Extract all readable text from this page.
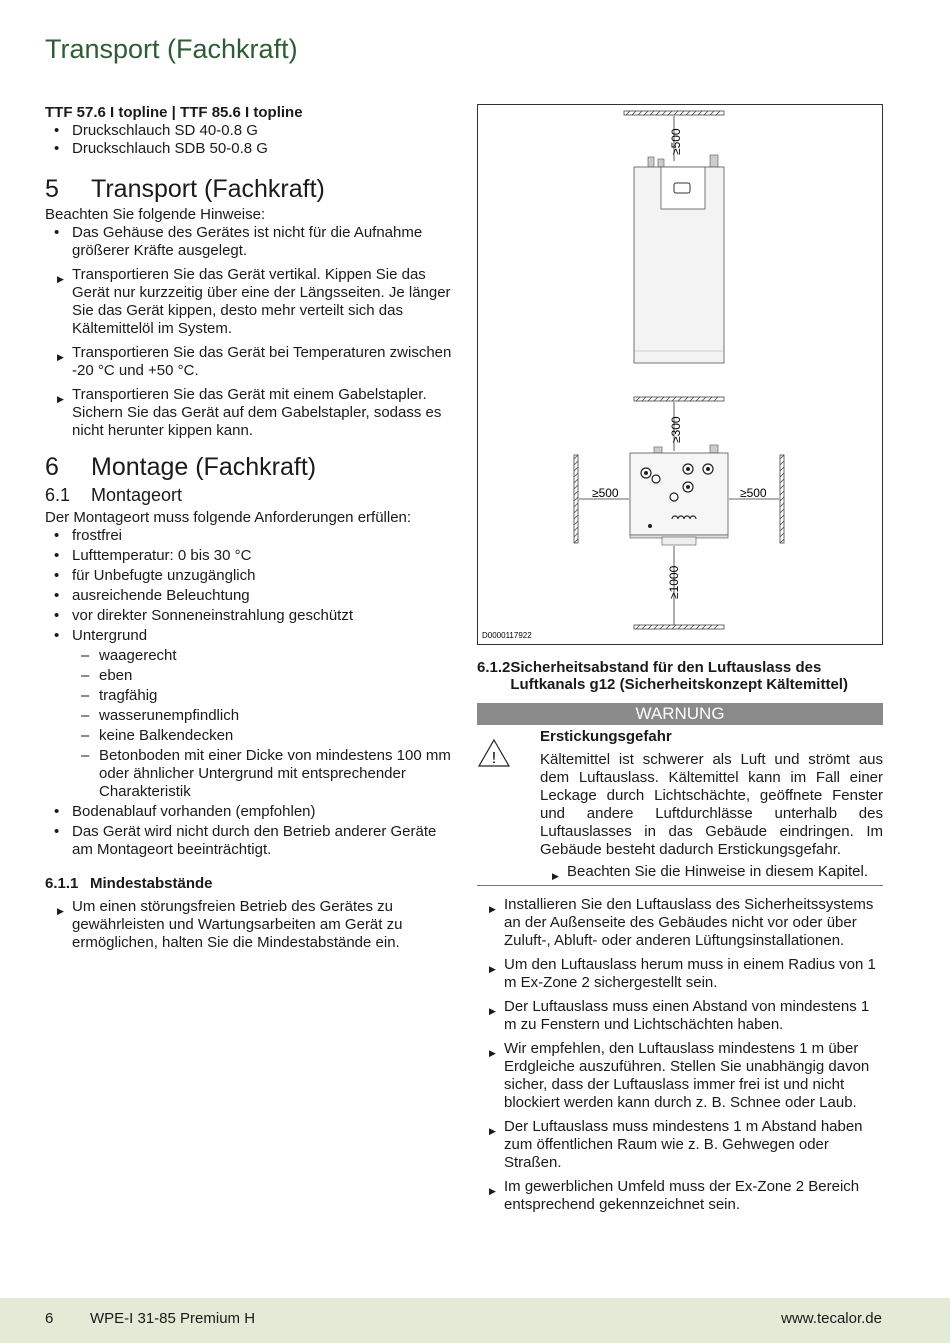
Transport (Fachkraft)
TTF 57.6 I topline | TTF 85.6 I topline
• Druckschlauch SD 40-0.8 G
• Druckschlauch SDB 50-0.8 G
5	Transport (Fachkraft)
Beachten Sie folgende Hinweise:
• Das Gehäuse des Gerätes ist nicht für die Aufnahme größerer Kräfte ausgelegt.
▶ Transportieren Sie das Gerät vertikal. Kippen Sie das Gerät nur kurzzeitig über eine der Längsseiten. Je länger Sie das Gerät kippen, desto mehr verteilt sich das Kältemittelöl im System.
▶ Transportieren Sie das Gerät bei Temperaturen zwischen -20 °C und +50 °C.
▶ Transportieren Sie das Gerät mit einem Gabelstapler. Sichern Sie das Gerät auf dem Gabelstapler, sodass es nicht herunter kippen kann.
6	Montage (Fachkraft)
6.1	Montageort
Der Montageort muss folgende Anforderungen erfüllen:
• frostfrei
• Lufttemperatur: 0 bis 30 °C
• für Unbefugte unzugänglich
• ausreichende Beleuchtung
• vor direkter Sonneneinstrahlung geschützt
• Untergrund
– waagerecht
– eben
– tragfähig
– wasserunempfindlich
– keine Balkendecken
– Betonboden mit einer Dicke von mindestens 100 mm oder ähnlicher Untergrund mit entsprechender Charakteristik
• Bodenablauf vorhanden (empfohlen)
• Das Gerät wird nicht durch den Betrieb anderer Geräte am Montageort beeinträchtigt.
6.1.1 Mindestabstände
▶ Um einen störungsfreien Betrieb des Gerätes zu gewährleisten und Wartungsarbeiten am Gerät zu ermöglichen, halten Sie die Mindestabstände ein.
≥500
≥300
≥500	≥500
≥1000
D0000117922
6.1.2 Sicherheitsabstand für den Luftauslass des Luftkanals g12 (Sicherheitskonzept Kältemittel)
WARNUNG
!
Erstickungsgefahr
Kältemittel ist schwerer als Luft und strömt aus dem Luftauslass. Kältemittel kann im Fall einer Leckage durch Lichtschächte, geöffnete Fenster und andere Luftdurchlässe unterhalb des Luftauslasses in das Gebäude eindringen. Im Gebäude besteht dadurch Erstickungsgefahr.
▶ Beachten Sie die Hinweise in diesem Kapitel.
▶ Installieren Sie den Luftauslass des Sicherheitssystems an der Außenseite des Gebäudes nicht vor oder über Zuluft-, Abluft- oder anderen Lüftungsinstallationen.
▶ Um den Luftauslass herum muss in einem Radius von 1 m Ex-Zone 2 sichergestellt sein.
▶ Der Luftauslass muss einen Abstand von mindestens 1 m zu Fenstern und Lichtschächten haben.
▶ Wir empfehlen, den Luftauslass mindestens 1 m über Erdgleiche auszuführen. Stellen Sie unabhängig davon sicher, dass der Luftauslass immer frei ist und nicht blockiert werden kann durch z. B. Schnee oder Laub.
▶ Der Luftauslass muss mindestens 1 m Abstand haben zum öffentlichen Raum wie z. B. Gehwegen oder Straßen.
▶ Im gewerblichen Umfeld muss der Ex-Zone 2 Bereich entsprechend gekennzeichnet sein.
6 WPE-I 31-85 Premium H	www.tecalor.de
